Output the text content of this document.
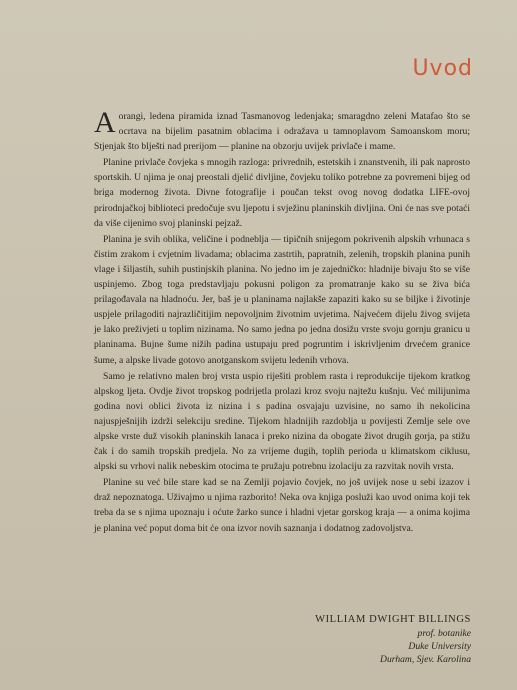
Uvod

Aorangi, ledena piramida iznad Tasmanovog ledenjaka; smaragdno zeleni Matafao što se ocrtava na bijelim pasatnim oblacima i odražava u tamnoplavom Samoanskom moru; Stjenjak što blješti nad prerijom — planine na obzorju uvijek privlače i mame.

Planine privlače čovjeka s mnogih razloga: privrednih, estetskih i znanstvenih, ili pak naprosto sportskih. U njima je onaj preostali djelić divljine, čovjeku toliko potrebne za povremeni bijeg od briga modernog života. Divne fotografije i poučan tekst ovog novog dodatka LIFE-ovoj prirodnjačkoj biblioteci predočuje svu ljepotu i svježinu planinskih divljina. Oni će nas sve potaći da više cijenimo svoj planinski pejzaž.

Planina je svih oblika, veličine i podneblja — tipičnih snijegom pokrivenih alpskih vrhunaca s čistim zrakom i cvjetnim livadama; oblacima zastrtih, papratnih, zelenih, tropskih planina punih vlage i šiljastih, suhih pustinjskih planina. No jedno im je zajedničko: hladnije bivaju što se više uspinjemo. Zbog toga predstavljaju pokusni poligon za promatranje kako su se živa bića prilagođavala na hladnoću. Jer, baš je u planinama najlakše zapaziti kako su se biljke i životinje uspjele prilagoditi najrazličitijim nepovoljnim životnim uvjetima. Najvećem dijelu živog svijeta je lako preživjeti u toplim nizinama. No samo jedna po jedna dosižu vrste svoju gornju granicu u planinama. Bujne šume nižih padina ustupaju pred pogruntim i iskrivljenim drvećem granice šume, a alpske livade gotovo anotganskom svijetu ledenih vrhova.

Samo je relativno malen broj vrsta uspio riješiti problem rasta i reprodukcije tijekom kratkog alpskog ljeta. Ovdje život tropskog podrijetla prolazi kroz svoju najtežu kušnju. Već milijunima godina novi oblici života iz nizina i s padina osvajaju uzvisine, no samo ih nekolicina najuspješnijih izdrži selekciju sredine. Tijekom hladnijih razdoblja u povijesti Zemlje sele ove alpske vrste duž visokih planinskih lanaca i preko nizina da obogate život drugih gorja, pa stižu čak i do samih tropskih predjela. No za vrijeme dugih, toplih perioda u klimatskom ciklusu, alpski su vrhovi nalik nebeskim otocima te pružaju potrebnu izolaciju za razvitak novih vrsta.

Planine su već bile stare kad se na Zemlji pojavio čovjek, no još uvijek nose u sebi izazov i draž nepoznatoga. Uživajmo u njima razborito! Neka ova knjiga posluži kao uvod onima koji tek treba da se s njima upoznaju i oćute žarko sunce i hladni vjetar gorskog kraja — a onima kojima je planina već poput doma bit će ona izvor novih saznanja i dodatnog zadovoljstva.

WILLIAM DWIGHT BILLINGS
prof. botanike
Duke University
Durham, Sjev. Karolina
